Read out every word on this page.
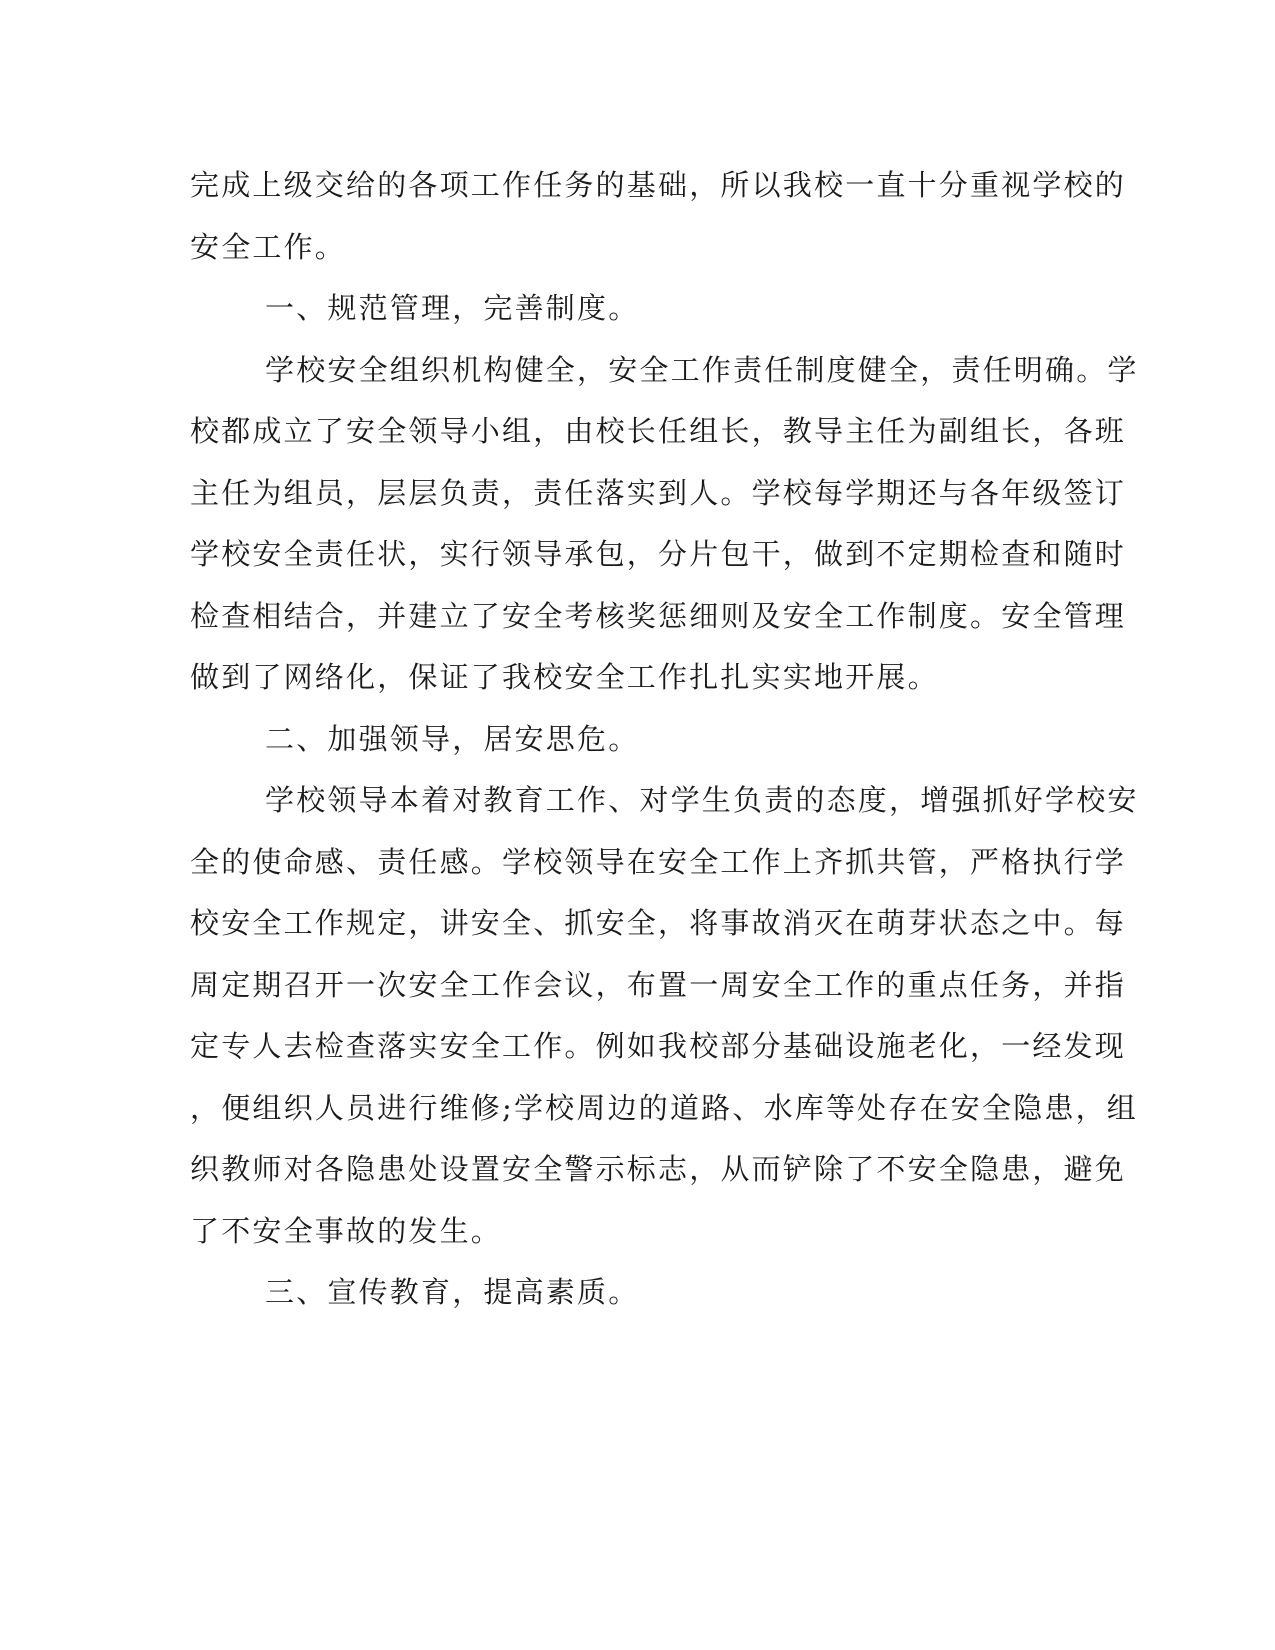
完成上级交给的各项工作任务的基础，所以我校一直十分重视学校的
安全工作。
一、规范管理，完善制度。
学校安全组织机构健全，安全工作责任制度健全，责任明确。学
校都成立了安全领导小组，由校长任组长，教导主任为副组长，各班
主任为组员，层层负责，责任落实到人。学校每学期还与各年级签订
学校安全责任状，实行领导承包，分片包干，做到不定期检查和随时
检查相结合，并建立了安全考核奖惩细则及安全工作制度。安全管理
做到了网络化，保证了我校安全工作扎扎实实地开展。
二、加强领导，居安思危。
学校领导本着对教育工作、对学生负责的态度，增强抓好学校安
全的使命感、责任感。学校领导在安全工作上齐抓共管，严格执行学
校安全工作规定，讲安全、抓安全，将事故消灭在萌芽状态之中。每
周定期召开一次安全工作会议，布置一周安全工作的重点任务，并指
定专人去检查落实安全工作。例如我校部分基础设施老化，一经发现
，便组织人员进行维修;学校周边的道路、水库等处存在安全隐患，组
织教师对各隐患处设置安全警示标志，从而铲除了不安全隐患，避免
了不安全事故的发生。
三、宣传教育，提高素质。
